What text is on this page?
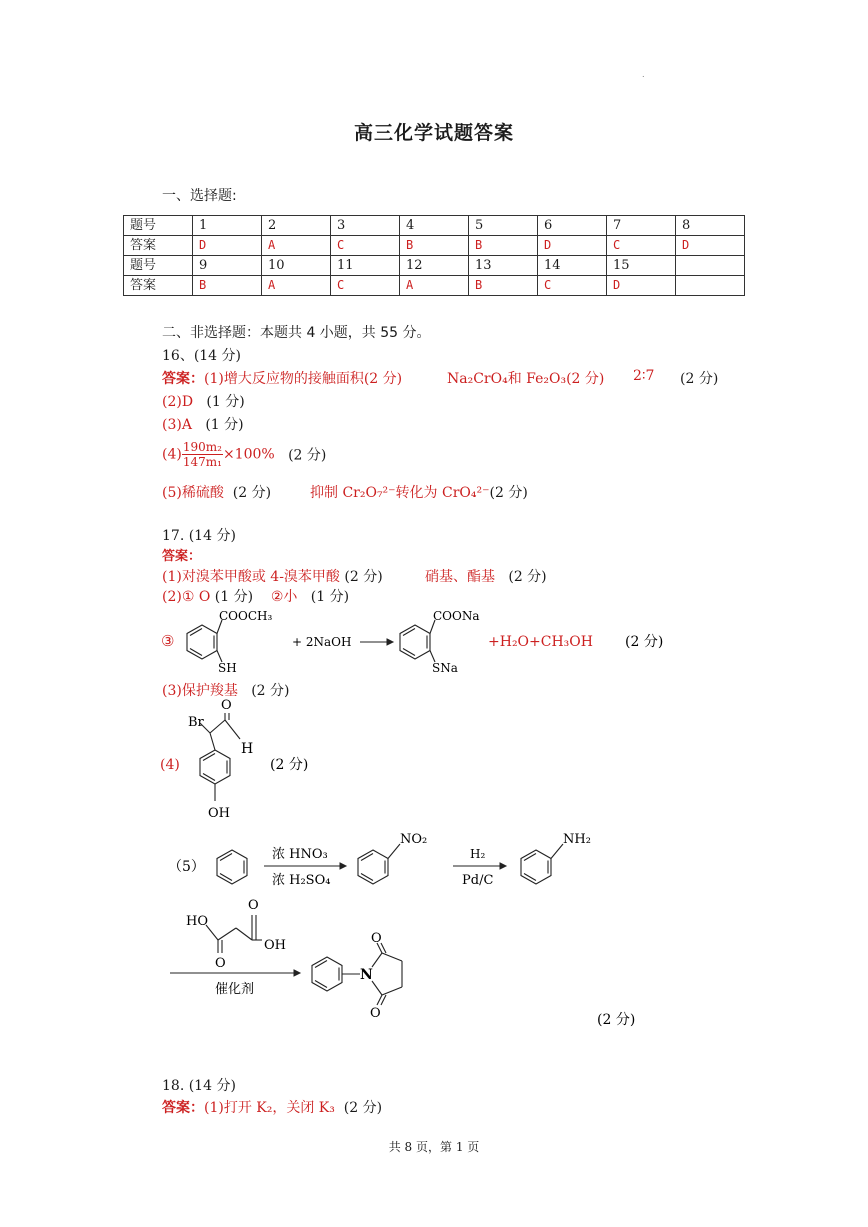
.
高三化学试题答案
一、选择题:
题号	1	2	3	4	5	6	7	8
答案	D	A	C	B	B	D	C	D
题号	9	10	11	12	13	14	15	
答案	B	A	C	A	B	C	D	
二、非选择题：本题共 4 小题，共 55 分。
16、(14 分)
答案：(1)增大反应物的接触面积(2 分)	Na₂CrO₄和 Fe₂O₃(2 分) 2∶7 (2 分)
(2)D (1 分)
(3)A (1 分)
$(4) \frac{\text{190m₂}}{\text{147m₁}} \times 100\%$ (2 分)
(5)稀硫酸 (2 分)	抑制 Cr₂O₇²⁻转化为 CrO₄²⁻(2 分)
17. (14 分)
答案：
(1)对溴苯甲酸或 4-溴苯甲酸 (2 分)	硝基、酯基 (2 分)
(2)① O (1 分) ②小 (1 分)
③
COOCH₃
SH
+ 2NaOH
COONa
SNa
+H₂O+CH₃OH (2 分)
(3)保护羧基 (2 分)
(4)
Br
O
H
OH
(2 分)
（5）
浓 HNO₃
浓 H₂SO₄
NO₂
H₂
Pd/C
NH₂
HO
O
O
OH
催化剂
N
O
O	(2 分)
18. (14 分)
答案：(1)打开 K₂，关闭 K₃ (2 分)
共 8 页，第 1 页
